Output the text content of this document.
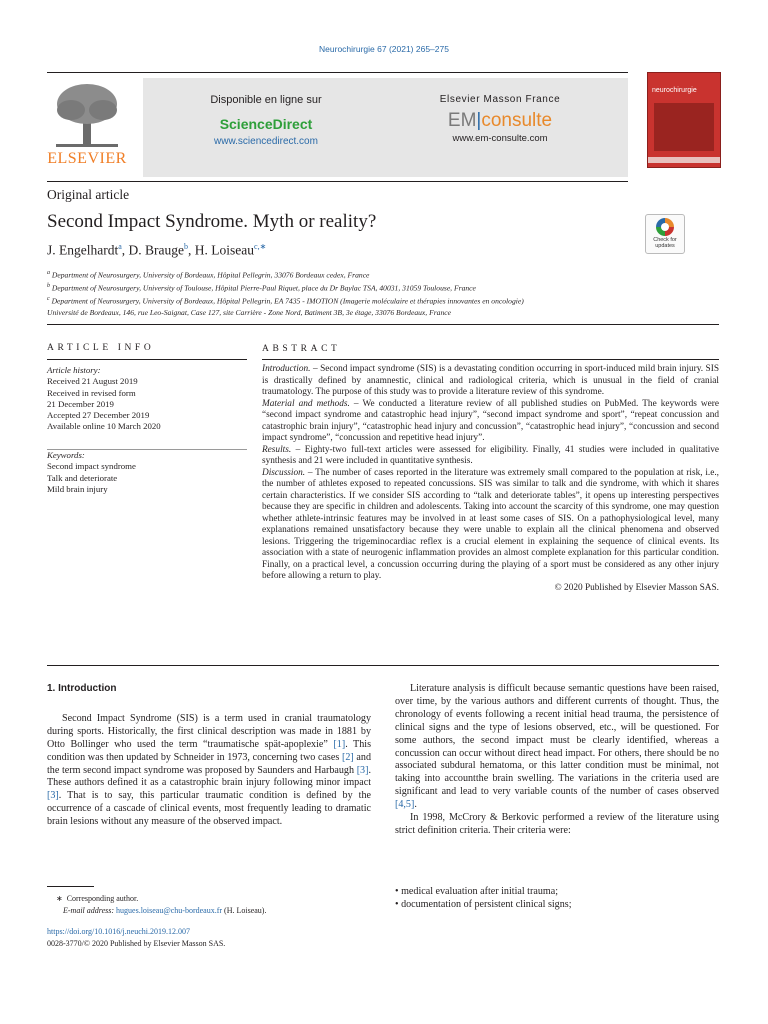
Neurochirurgie 67 (2021) 265–275
ELSEVIER
Disponible en ligne sur
ScienceDirect
www.sciencedirect.com
Elsevier Masson France
EM|consulte
www.em-consulte.com
neurochirurgie
Original article
Second Impact Syndrome. Myth or reality?
Check for updates
J. Engelhardt$^a$, D. Brauge$^b$, H. Loiseau$^{c,∗}$
$^a$ Department of Neurosurgery, University of Bordeaux, Hôpital Pellegrin, 33076 Bordeaux cedex, France
$^b$ Department of Neurosurgery, University of Toulouse, Hôpital Pierre-Paul Riquet, place du Dr Baylac TSA, 40031, 31059 Toulouse, France
$^c$ Department of Neurosurgery, University of Bordeaux, Hôpital Pellegrin, EA 7435 - IMOTION (Imagerie moléculaire et thérapies innovantes en oncologie)
Université de Bordeaux, 146, rue Leo-Saignat, Case 127, site Carrière - Zone Nord, Batiment 3B, 3e étage, 33076 Bordeaux, France
ARTICLE INFO	ABSTRACT
Article history:
Received 21 August 2019
Received in revised form
21 December 2019
Accepted 27 December 2019
Available online 10 March 2020
Keywords:
Second impact syndrome
Talk and deteriorate
Mild brain injury

Introduction. – Second impact syndrome (SIS) is a devastating condition occurring in sport-induced mild brain injury. SIS is drastically defined by anamnestic, clinical and radiological criteria, which is unusual in the field of cranial traumatology. The purpose of this study was to provide a literature review of this syndrome.

Material and methods. – We conducted a literature review of all published studies on PubMed. The keywords were “second impact syndrome and catastrophic head injury”, “second impact syndrome and sport”, “repeat concussion and catastrophic brain injury”, “catastrophic head injury and concussion”, “catastrophic head injury”, “concussion and second impact syndrome”, “concussion and repetitive head injury”.

Results. – Eighty-two full-text articles were assessed for eligibility. Finally, 41 studies were included in qualitative synthesis and 21 were included in quantitative synthesis.

Discussion. – The number of cases reported in the literature was extremely small compared to the population at risk, i.e., the number of athletes exposed to repeated concussions. SIS was similar to talk and die syndrome, with which it shares certain characteristics. If we consider SIS according to “talk and deteriorate tables”, it opens up interesting perspectives because they are specific in children and adolescents. Taking into account the scarcity of this syndrome, one may question whether athlete-intrinsic features may be involved in at least some cases of SIS. On a pathophysiological level, many explanations remained unsatisfactory because they were unable to explain all the clinical phenomena and observed lesions. Triggering the trigeminocardiac reflex is a crucial element in explaining the sequence of clinical events. Its association with a state of neurogenic inflammation provides an almost complete explanation for this particular condition. Finally, on a practical level, a concussion occurring during the playing of a sport must be considered as any other injury before allowing a return to play.

© 2020 Published by Elsevier Masson SAS.

1. Introduction

Second Impact Syndrome (SIS) is a term used in cranial traumatology during sports. Historically, the first clinical description was made in 1881 by Otto Bollinger who used the term “traumatische spät-apoplexie” [1]. This condition was then updated by Schneider in 1973, concerning two cases [2] and the term second impact syndrome was proposed by Saunders and Harbaugh [3]. These authors defined it as a catastrophic brain injury following minor impact [3]. That is to say, this particular traumatic condition is defined by the occurrence of a cascade of clinical events, most frequently leading to dramatic brain lesions without any measure of the observed impact.

Literature analysis is difficult because semantic questions have been raised, over time, by the various authors and different currents of thought. Thus, the chronology of events following a recent initial head trauma, the persistence of clinical signs and the type of lesions observed, etc., will be questioned. For some authors, the second impact must be clearly identified, whereas a concussion can occur without direct head impact. For others, there should be no associated subdural hematoma, or this latter condition must be minimal, not taking into accountthe brain swelling. The variations in the criteria used are significant and lead to very variable counts of the number of cases observed [4,5].

In 1998, McCrory & Berkovic performed a review of the literature using strict definition criteria. Their criteria were:

• medical evaluation after initial trauma;
• documentation of persistent clinical signs;
∗ Corresponding author.
E-mail address: hugues.loiseau@chu-bordeaux.fr (H. Loiseau).
https://doi.org/10.1016/j.neuchi.2019.12.007
0028-3770/© 2020 Published by Elsevier Masson SAS.
